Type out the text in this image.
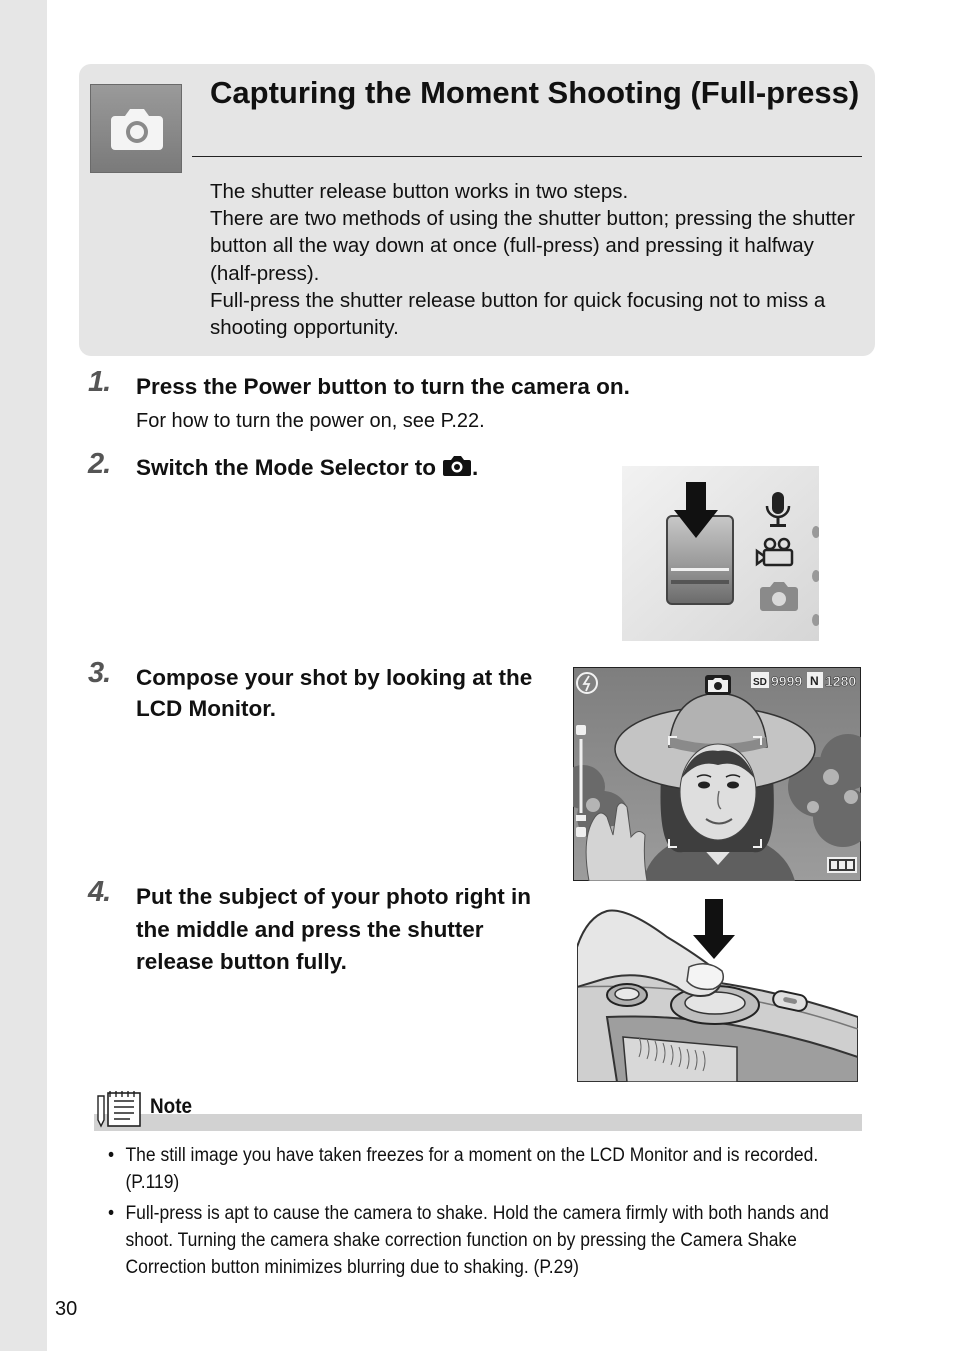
Capturing the Moment Shooting (Full-press)

The shutter release button works in two steps.

There are two methods of using the shutter button; pressing the shutter button all the way down at once (full-press) and pressing it halfway (half-press).

Full-press the shutter release button for quick focusing not to miss a shooting opportunity.

1. Press the Power button to turn the camera on.
For how to turn the power on, see P.22.
2. Switch the Mode Selector to .
3. Compose your shot by looking at the LCD Monitor.
SD 9999 N 1280
4. Put the subject of your photo right in the middle and press the shutter release button fully.
Note
• The still image you have taken freezes for a moment on the LCD Monitor and is recorded. (P.119)
• Full-press is apt to cause the camera to shake. Hold the camera firmly with both hands and shoot. Turning the camera shake correction function on by pressing the Camera Shake Correction button minimizes blurring due to shaking. (P.29)
30
